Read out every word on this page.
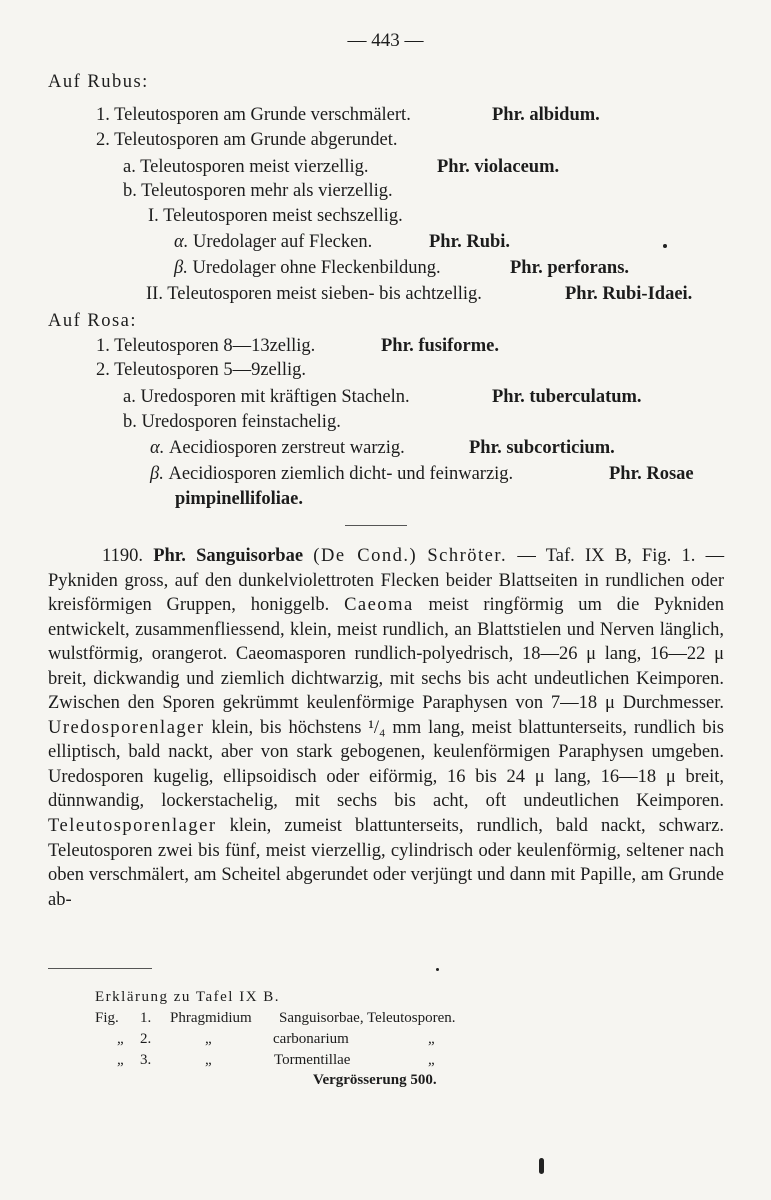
— 443 —
Auf Rubus:
1. Teleutosporen am Grunde verschmälert.	Phr. albidum.
2. Teleutosporen am Grunde abgerundet.
a. Teleutosporen meist vierzellig.	Phr. violaceum.
b. Teleutosporen mehr als vierzellig.
I. Teleutosporen meist sechszellig.
α. Uredolager auf Flecken.	Phr. Rubi.
β. Uredolager ohne Fleckenbildung.	Phr. perforans.
II. Teleutosporen meist sieben- bis achtzellig.	Phr. Rubi-Idaei.
Auf Rosa:
1. Teleutosporen 8—13zellig.	Phr. fusiforme.
2. Teleutosporen 5—9zellig.
a. Uredosporen mit kräftigen Stacheln.	Phr. tuberculatum.
b. Uredosporen feinstachelig.
α. Aecidiosporen zerstreut warzig.	Phr. subcorticium.
β. Aecidiosporen ziemlich dicht- und feinwarzig.	Phr. Rosae
pimpinellifoliae.
1190. Phr. Sanguisorbae (De Cond.) Schröter. — Taf. IX B, Fig. 1. — Pykniden gross, auf den dunkelviolettroten Flecken beider Blattseiten in rundlichen oder kreisförmigen Gruppen, honiggelb. Caeoma meist ringförmig um die Pykniden entwickelt, zusammenfliessend, klein, meist rundlich, an Blattstielen und Nerven länglich, wulstförmig, orangerot. Caeomasporen rundlich-polyedrisch, 18—26 μ lang, 16—22 μ breit, dickwandig und ziemlich dichtwarzig, mit sechs bis acht undeutlichen Keimporen. Zwischen den Sporen gekrümmt keulenförmige Paraphysen von 7—18 μ Durchmesser. Uredosporenlager klein, bis höchstens ¹/₄ mm lang, meist blattunterseits, rundlich bis elliptisch, bald nackt, aber von stark gebogenen, keulenförmigen Paraphysen umgeben. Uredosporen kugelig, ellipsoidisch oder eiförmig, 16 bis 24 μ lang, 16—18 μ breit, dünnwandig, lockerstachelig, mit sechs bis acht, oft undeutlichen Keimporen. Teleutosporenlager klein, zumeist blattunterseits, rundlich, bald nackt, schwarz. Teleutosporen zwei bis fünf, meist vierzellig, cylindrisch oder keulenförmig, seltener nach oben verschmälert, am Scheitel abgerundet oder verjüngt und dann mit Papille, am Grunde ab-
Erklärung zu Tafel IX B.
Fig. 1. Phragmidium Sanguisorbae, Teleutosporen.
„ 2.	„	carbonarium	„
„ 3.	„	Tormentillae	„
Vergrösserung 500.
